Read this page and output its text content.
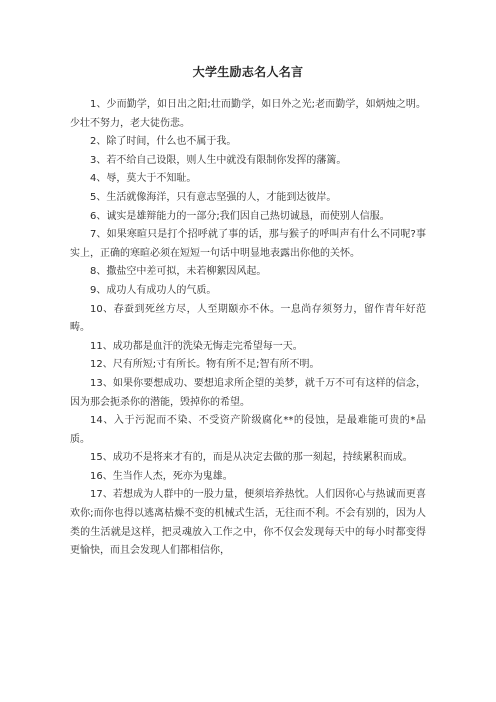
大学生励志名人名言

1、少而勤学，如日出之阳;壮而勤学，如日外之光;老而勤学，如炳烛之明。少壮不努力，老大徒伤悲。

2、除了时间，什么也不属于我。

3、若不给自己设限，则人生中就没有限制你发挥的藩篱。

4、辱，莫大于不知耻。

5、生活就像海洋，只有意志坚强的人，才能到达彼岸。

6、诚实是雄辩能力的一部分;我们因自己热切诚恳，而使别人信服。

7、如果寒暄只是打个招呼就了事的话，那与猴子的呼叫声有什么不同呢?事实上，正确的寒暄必须在短短一句话中明显地表露出你他的关怀。

8、撒盐空中差可拟，未若柳絮因风起。

9、成功人有成功人的气质。

10、春蚕到死丝方尽，人至期颐亦不休。一息尚存须努力，留作青年好范畴。

11、成功都是血汗的洗染无悔走完希望每一天。

12、尺有所短;寸有所长。物有所不足;智有所不明。

13、如果你要想成功、要想追求所企望的美梦，就千万不可有这样的信念，因为那会扼杀你的潜能，毁掉你的希望。

14、入于污泥而不染、不受资产阶级腐化**的侵蚀，是最难能可贵的*品质。

15、成功不是将来才有的，而是从决定去做的那一刻起，持续累积而成。

16、生当作人杰，死亦为鬼雄。

17、若想成为人群中的一股力量，便须培养热忱。人们因你心与热诚而更喜欢你;而你也得以逃离枯燥不变的机械式生活，无往而不利。不会有别的，因为人类的生活就是这样，把灵魂放入工作之中，你不仅会发现每天中的每小时都变得更愉快，而且会发现人们都相信你，
